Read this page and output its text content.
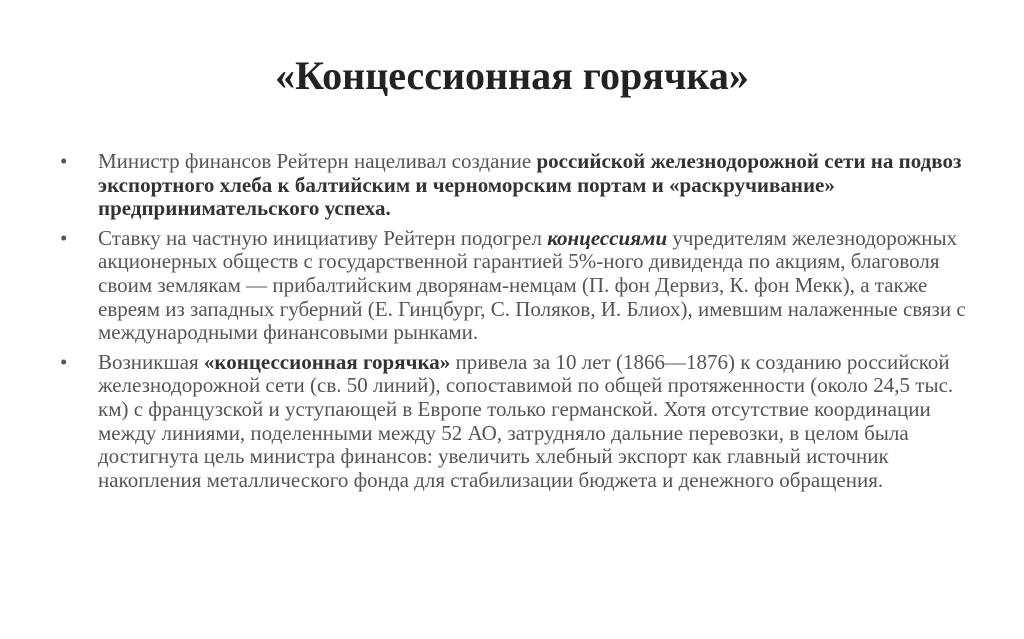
«Концессионная горячка»
•	Министр финансов Рейтерн нацеливал создание российской железнодорожной сети на подвоз экспортного хлеба к балтийским и черноморским портам и «раскручивание» предпринимательского успеха.
•	Ставку на частную инициативу Рейтерн подогрел концессиями учредителям железнодорожных акционерных обществ с государственной гарантией 5%-ного дивиденда по акциям, благоволя своим землякам — прибалтийским дворянам-немцам (П. фон Дервиз, К. фон Мекк), а также евреям из западных губерний (Е. Гинцбург, С. Поляков, И. Блиох), имевшим налаженные связи с международными финансовыми рынками.
•	Возникшая «концессионная горячка» привела за 10 лет (1866—1876) к созданию российской железнодорожной сети (св. 50 линий), сопоставимой по общей протяженности (около 24,5 тыс. км) с французской и уступающей в Европе только германской. Хотя отсутствие координации между линиями, поделенными между 52 АО, затрудняло дальние перевозки, в целом была достигнута цель министра финансов: увеличить хлебный экспорт как главный источник накопления металлического фонда для стабилизации бюджета и денежного обращения.
